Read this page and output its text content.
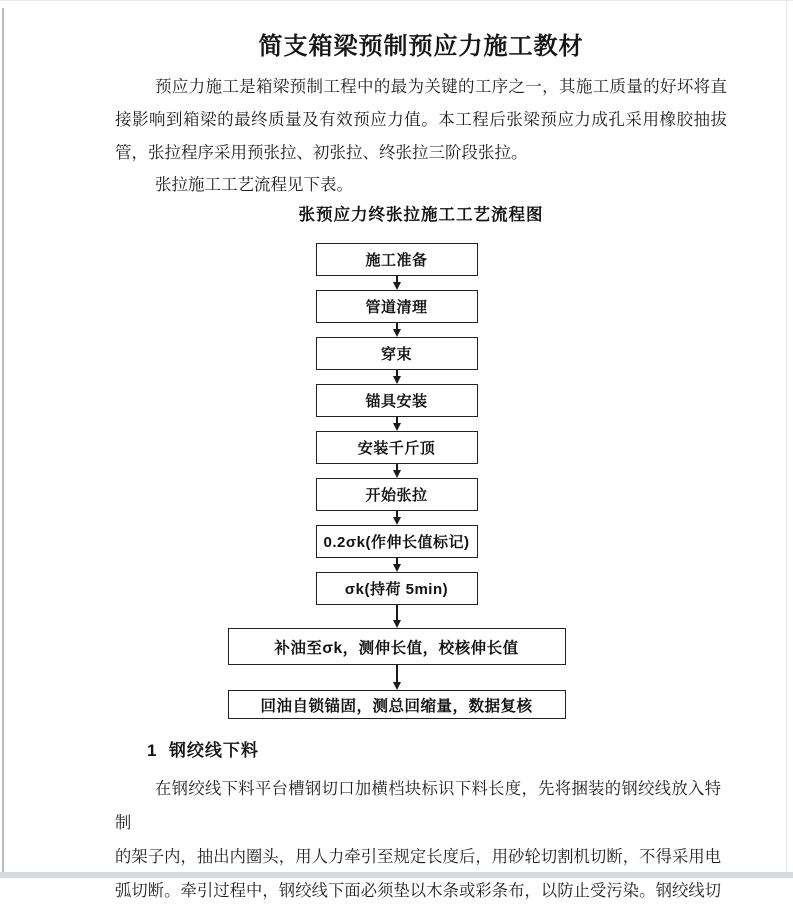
简支箱梁预制预应力施工教材
预应力施工是箱梁预制工程中的最为关键的工序之一，其施工质量的好坏将直
接影响到箱梁的最终质量及有效预应力值。本工程后张梁预应力成孔采用橡胶抽拔
管，张拉程序采用预张拉、初张拉、终张拉三阶段张拉。
张拉施工工艺流程见下表。
张预应力终张拉施工工艺流程图
施工准备
管道清理
穿束
锚具安装
安装千斤顶
开始张拉
0.2σk(作伸长值标记)
σk(持荷 5min)
补油至σk，测伸长值，校核伸长值
回油自锁锚固，测总回缩量，数据复核
1  钢绞线下料
在钢绞线下料平台槽钢切口加横档块标识下料长度，先将捆装的钢绞线放入特制
的架子内，抽出内圈头，用人力牵引至规定长度后，用砂轮切割机切断，不得采用电
弧切断。牵引过程中，钢绞线下面必须垫以木条或彩条布，以防止受污染。钢绞线切
